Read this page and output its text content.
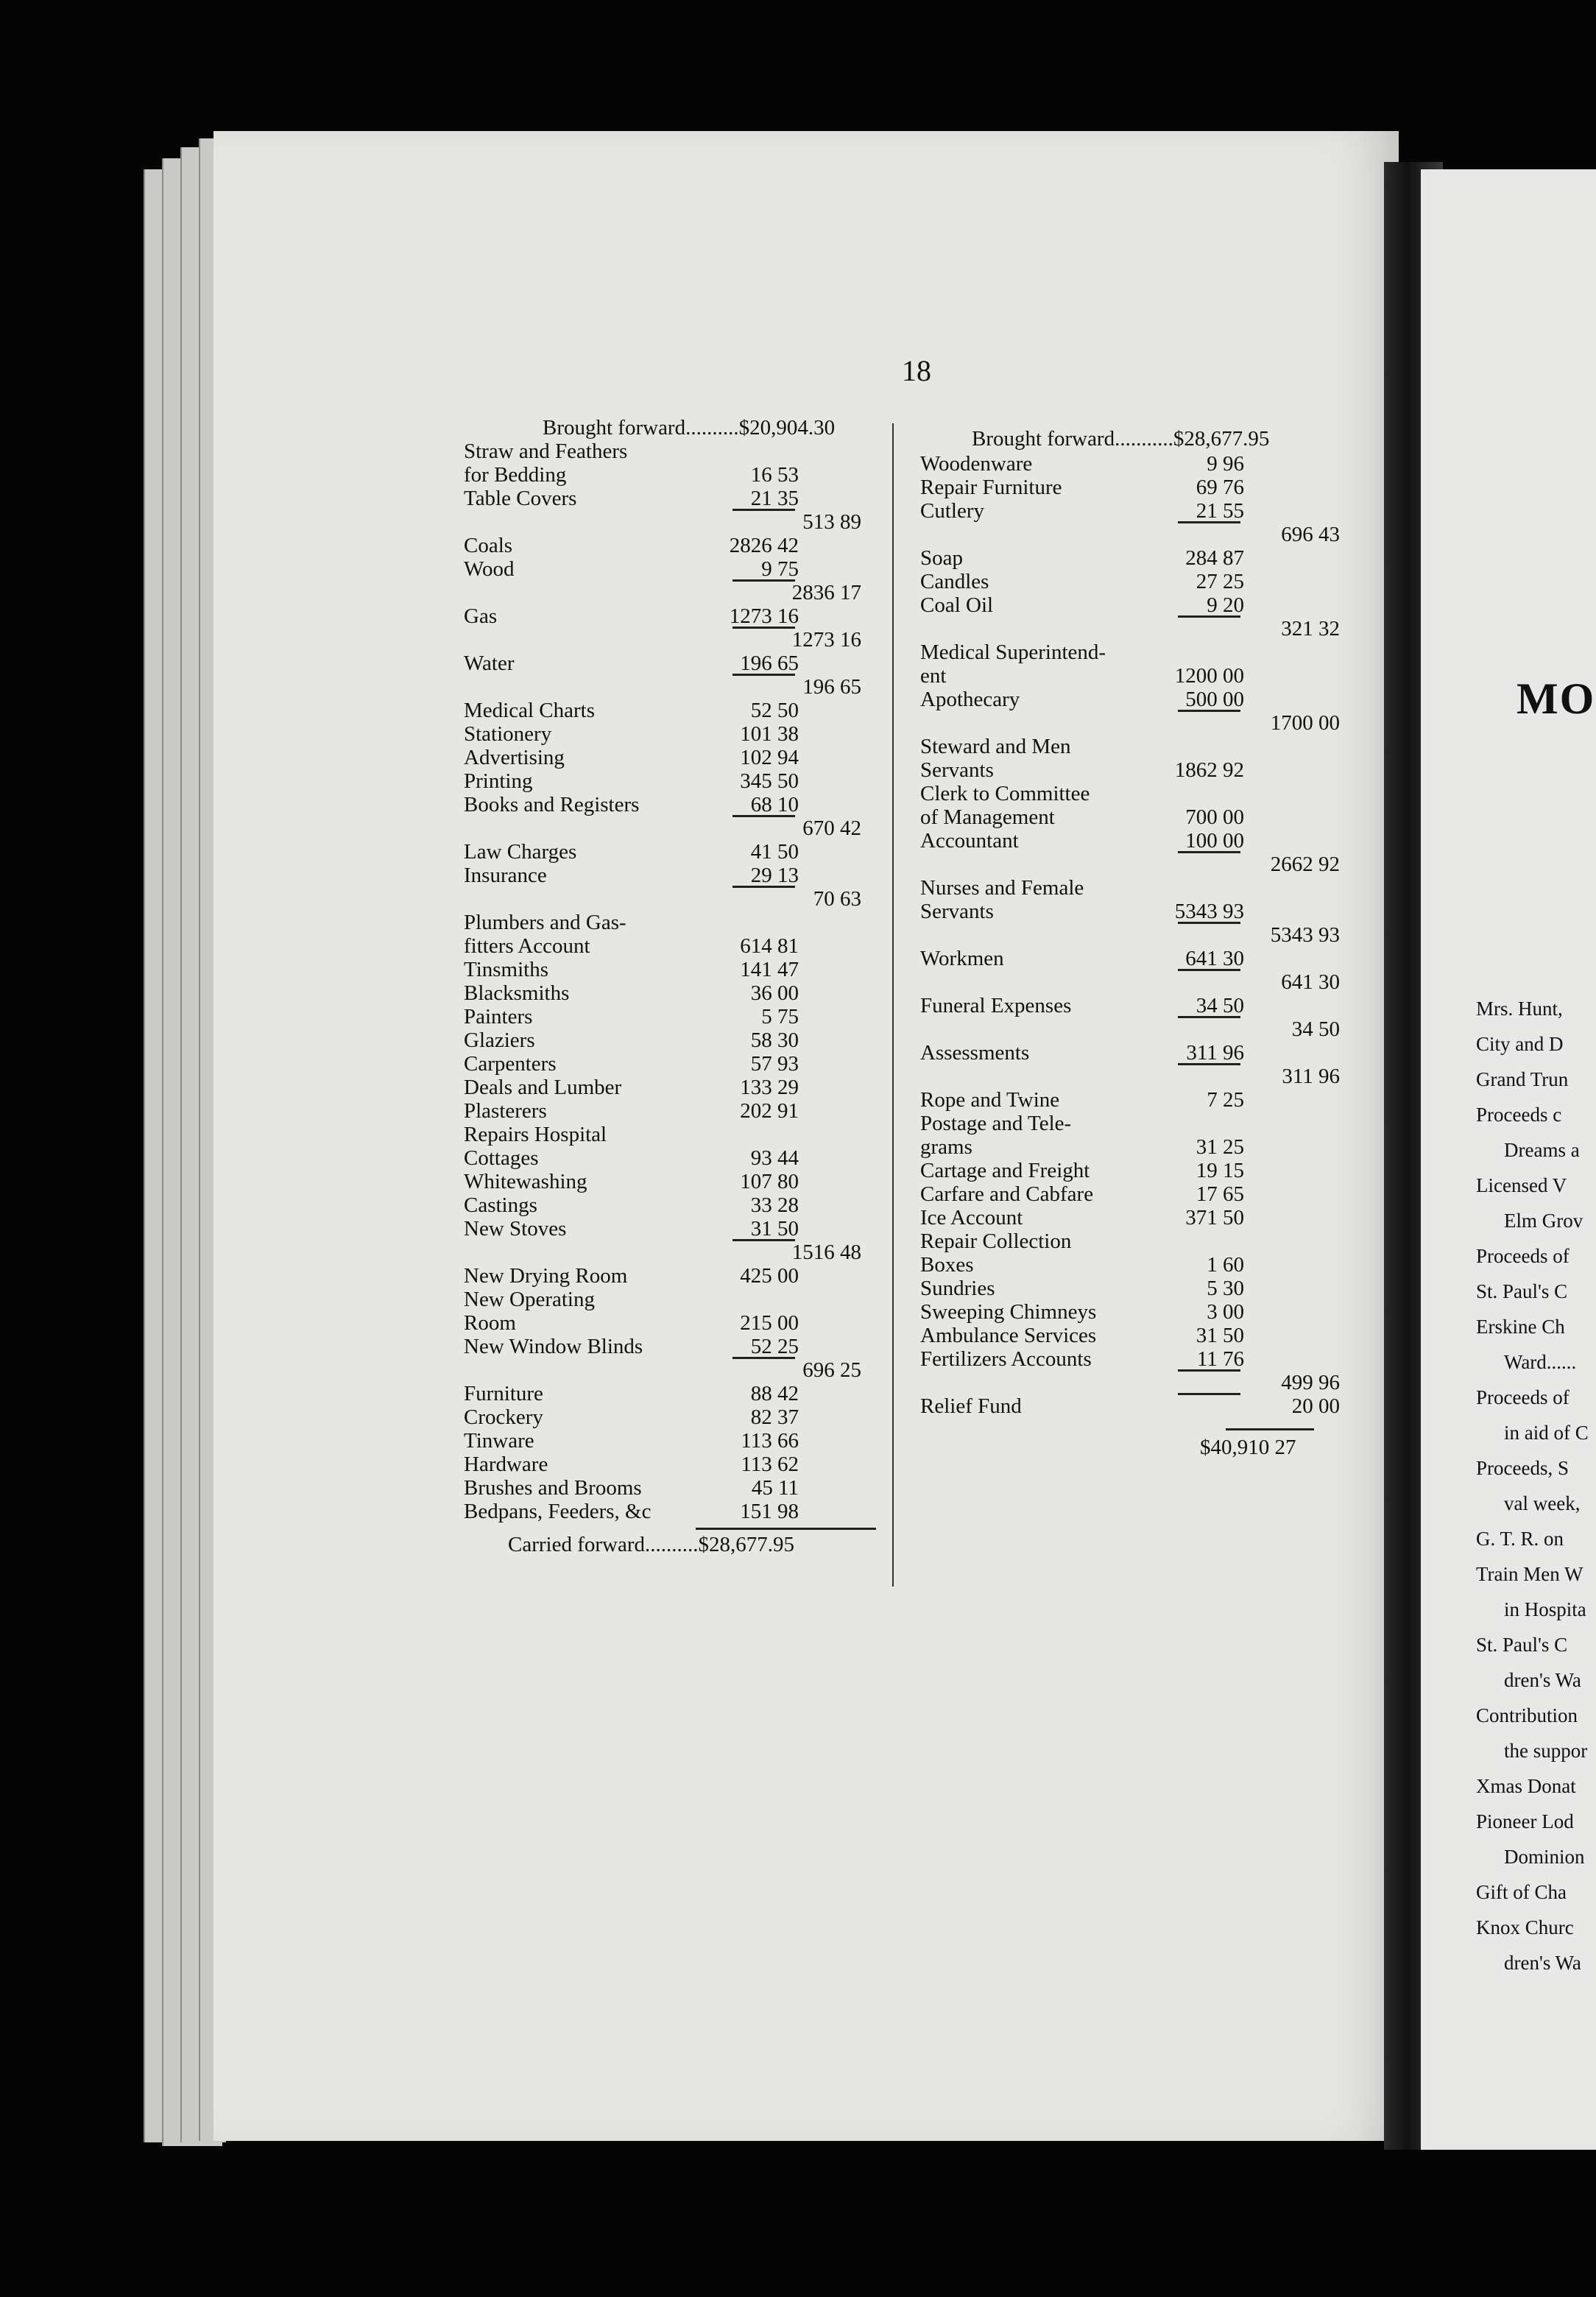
18
Brought forward..........$20,904.30
Straw and Feathers
for Bedding	16 53
Table Covers	21 35
513 89
Coals	2826 42
Wood	9 75
2836 17
Gas	1273 16
1273 16
Water	196 65
196 65
Medical Charts	52 50
Stationery	101 38
Advertising	102 94
Printing	345 50
Books and Registers	68 10
670 42
Law Charges	41 50
Insurance	29 13
70 63
Plumbers and Gas-
fitters Account	614 81
Tinsmiths	141 47
Blacksmiths	36 00
Painters	5 75
Glaziers	58 30
Carpenters	57 93
Deals and Lumber	133 29
Plasterers	202 91
Repairs Hospital
Cottages	93 44
Whitewashing	107 80
Castings	33 28
New Stoves	31 50
1516 48
New Drying Room	425 00
New Operating
Room	215 00
New Window Blinds	52 25
696 25
Furniture	88 42
Crockery	82 37
Tinware	113 66
Hardware	113 62
Brushes and Brooms	45 11
Bedpans, Feeders, &c	151 98
Carried forward..........$28,677.95
Brought forward...........$28,677.95
Woodenware	9 96
Repair Furniture	69 76
Cutlery	21 55
696 43
Soap	284 87
Candles	27 25
Coal Oil	9 20
321 32
Medical Superintend-
ent	1200 00
Apothecary	500 00
1700 00
Steward and Men
Servants	1862 92
Clerk to Committee
of Management	700 00
Accountant	100 00
2662 92
Nurses and Female
Servants	5343 93
5343 93
Workmen	641 30
641 30
Funeral Expenses	34 50
34 50
Assessments	311 96
311 96
Rope and Twine	7 25
Postage and Tele-
grams	31 25
Cartage and Freight	19 15
Carfare and Cabfare	17 65
Ice Account	371 50
Repair Collection
Boxes	1 60
Sundries	5 30
Sweeping Chimneys	3 00
Ambulance Services	31 50
Fertilizers Accounts	11 76
499 96
Relief Fund	20 00
$40,910 27
MO
Mrs. Hunt,
City and D
Grand Trun
Proceeds c
Dreams a
Licensed V
Elm Grov
Proceeds of
St. Paul's C
Erskine Ch
Ward......
Proceeds of
in aid of C
Proceeds, S
val week,
G. T. R. on
Train Men W
in Hospita
St. Paul's C
dren's Wa
Contribution
the suppor
Xmas Donat
Pioneer Lod
Dominion
Gift of Cha
Knox Churc
dren's Wa
